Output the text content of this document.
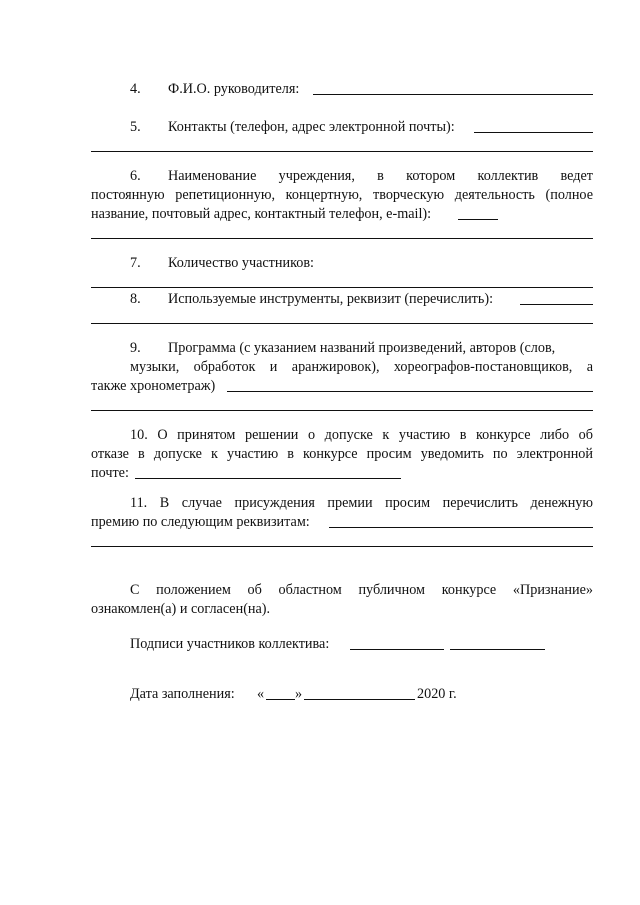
4. Ф.И.О. руководителя:
5. Контакты (телефон, адрес электронной почты):
6. Наименование учреждения, в котором коллектив ведет
постоянную репетиционную, концертную, творческую деятельность (полное
название, почтовый адрес, контактный телефон, e-mail):
7. Количество участников:
8. Используемые инструменты, реквизит (перечислить):
9. Программа (с указанием названий произведений, авторов (слов,
музыки, обработок и аранжировок), хореографов-постановщиков, а
также хронометраж)
10. О принятом решении о допуске к участию в конкурсе либо об
отказе в допуске к участию в конкурсе просим уведомить по электронной
почте:
11. В случае присуждения премии просим перечислить денежную
премию по следующим реквизитам:
С положением об областном публичном конкурсе «Признание»
ознакомлен(а) и согласен(на).
Подписи участников коллектива:
Дата заполнения: « »	2020 г.
